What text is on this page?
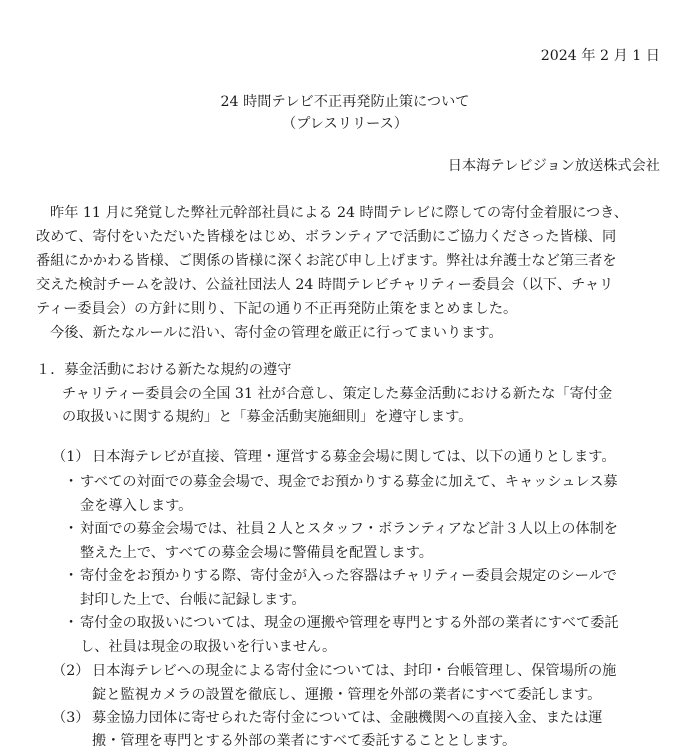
2024 年 2 月 1 日
24 時間テレビ不正再発防止策について
（プレスリリース）
日本海テレビジョン放送株式会社
昨年 11 月に発覚した弊社元幹部社員による 24 時間テレビに際しての寄付金着服につき、
改めて、寄付をいただいた皆様をはじめ、ボランティアで活動にご協力くださった皆様、同
番組にかかわる皆様、ご関係の皆様に深くお詫び申し上げます。弊社は弁護士など第三者を
交えた検討チームを設け、公益社団法人 24 時間テレビチャリティー委員会（以下、チャリ
ティー委員会）の方針に則り、下記の通り不正再発防止策をまとめました。
今後、新たなルールに沿い、寄付金の管理を厳正に行ってまいります。
１．募金活動における新たな規約の遵守
チャリティー委員会の全国 31 社が合意し、策定した募金活動における新たな「寄付金
の取扱いに関する規約」と「募金活動実施細則」を遵守します。
（1） 日本海テレビが直接、管理・運営する募金会場に関しては、以下の通りとします。
・ すべての対面での募金会場で、現金でお預かりする募金に加えて、キャッシュレス募
金を導入します。
・ 対面での募金会場では、社員２人とスタッフ・ボランティアなど計３人以上の体制を
整えた上で、すべての募金会場に警備員を配置します。
・ 寄付金をお預かりする際、寄付金が入った容器はチャリティー委員会規定のシールで
封印した上で、台帳に記録します。
・ 寄付金の取扱いについては、現金の運搬や管理を専門とする外部の業者にすべて委託
し、社員は現金の取扱いを行いません。
（2） 日本海テレビへの現金による寄付金については、封印・台帳管理し、保管場所の施
錠と監視カメラの設置を徹底し、運搬・管理を外部の業者にすべて委託します。
（3） 募金協力団体に寄せられた寄付金については、金融機関への直接入金、または運
搬・管理を専門とする外部の業者にすべて委託することとします。
